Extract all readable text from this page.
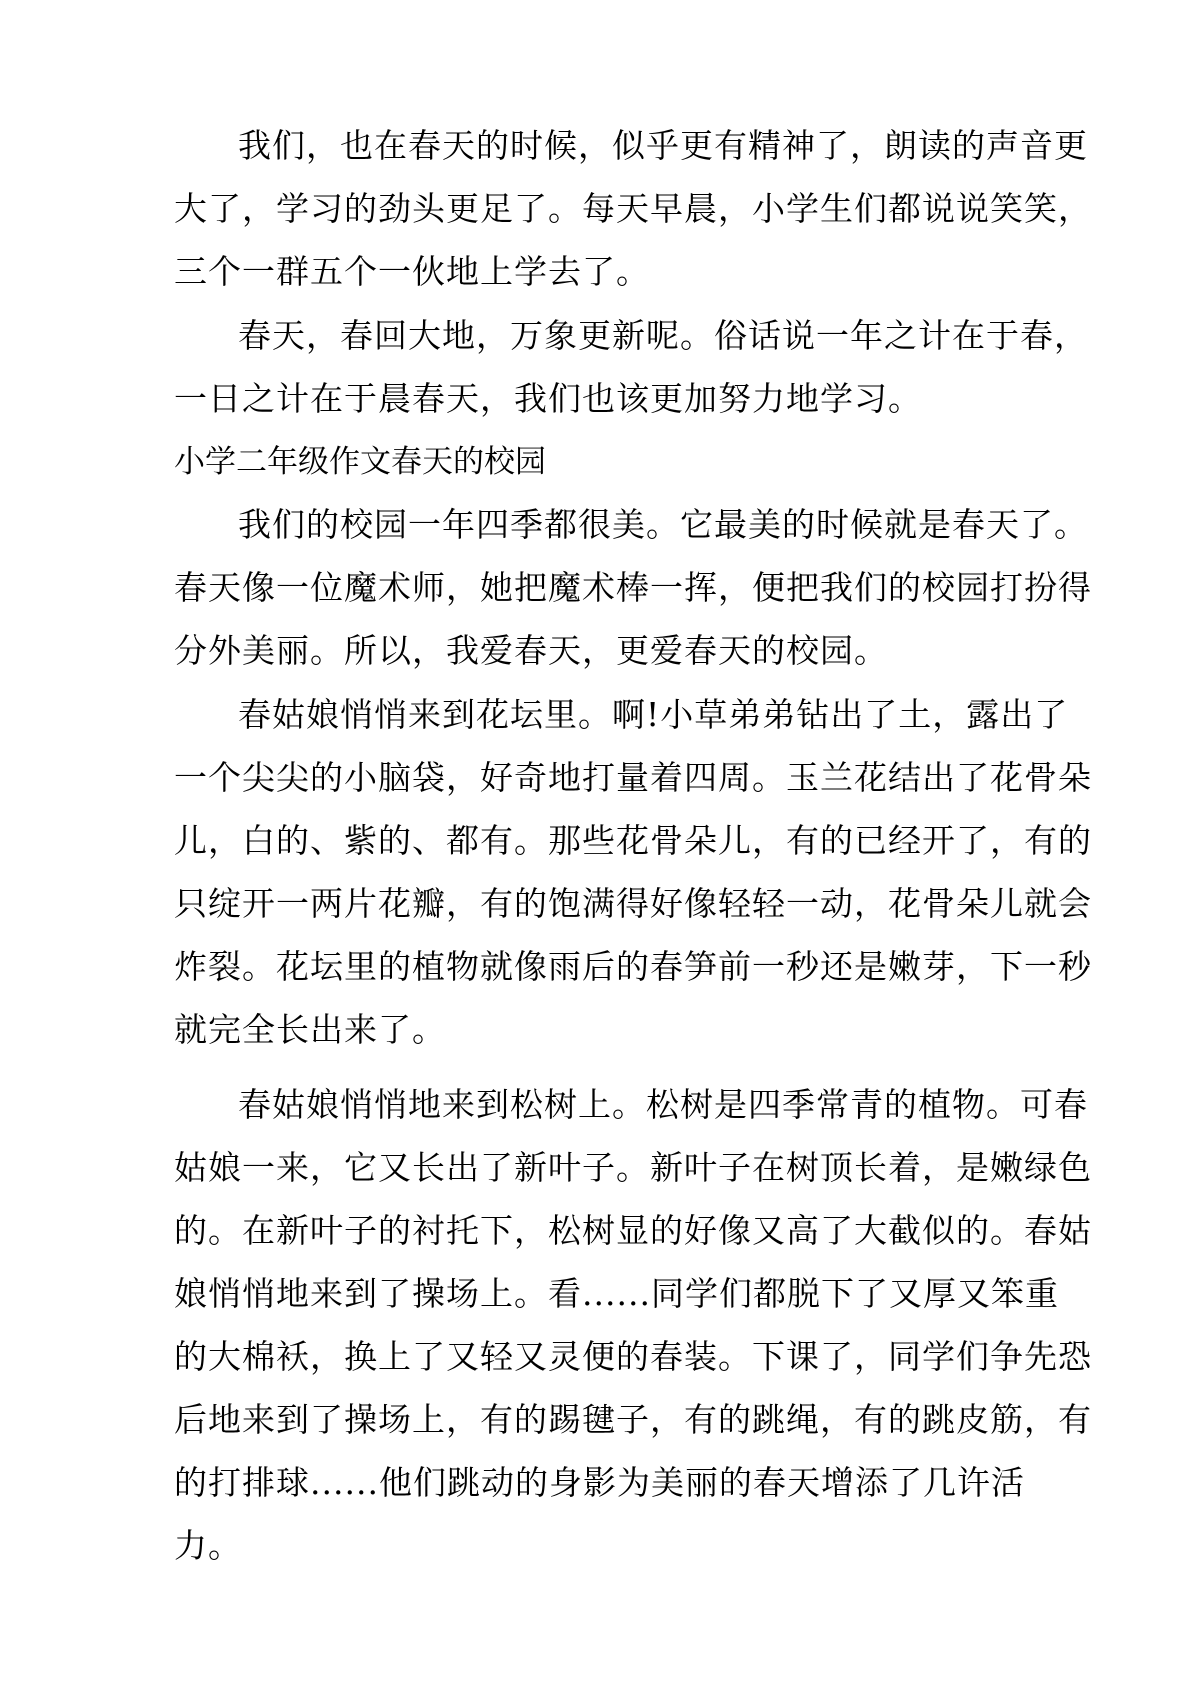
我们，也在春天的时候，似乎更有精神了，朗读的声音更
大了，学习的劲头更足了。每天早晨，小学生们都说说笑笑，
三个一群五个一伙地上学去了。
春天，春回大地，万象更新呢。俗话说一年之计在于春，
一日之计在于晨春天，我们也该更加努力地学习。
小学二年级作文春天的校园
我们的校园一年四季都很美。它最美的时候就是春天了。
春天像一位魔术师，她把魔术棒一挥，便把我们的校园打扮得
分外美丽。所以，我爱春天，更爱春天的校园。
春姑娘悄悄来到花坛里。啊!小草弟弟钻出了土，露出了
一个尖尖的小脑袋，好奇地打量着四周。玉兰花结出了花骨朵
儿，白的、紫的、都有。那些花骨朵儿，有的已经开了，有的
只绽开一两片花瓣，有的饱满得好像轻轻一动，花骨朵儿就会
炸裂。花坛里的植物就像雨后的春笋前一秒还是嫩芽，下一秒
就完全长出来了。
春姑娘悄悄地来到松树上。松树是四季常青的植物。可春
姑娘一来，它又长出了新叶子。新叶子在树顶长着，是嫩绿色
的。在新叶子的衬托下，松树显的好像又高了大截似的。春姑
娘悄悄地来到了操场上。看......同学们都脱下了又厚又笨重
的大棉袄，换上了又轻又灵便的春装。下课了，同学们争先恐
后地来到了操场上，有的踢毽子，有的跳绳，有的跳皮筋，有
的打排球......他们跳动的身影为美丽的春天增添了几许活
力。
